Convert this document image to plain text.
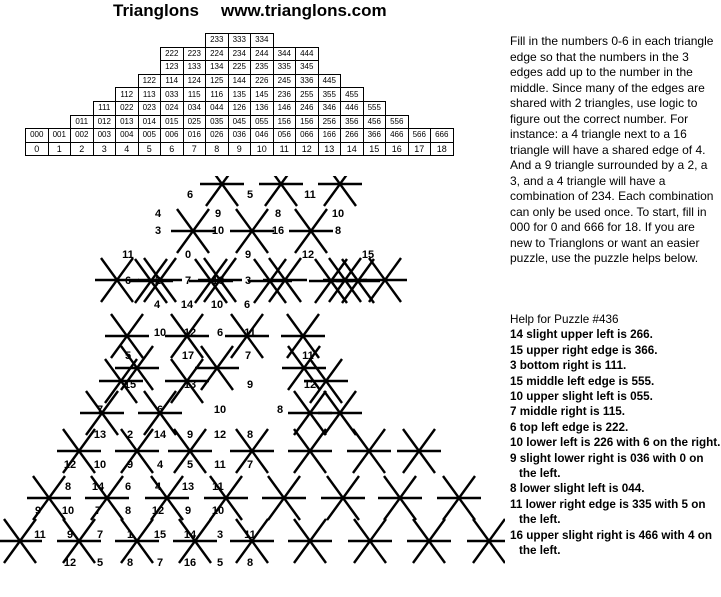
Trianglons www.trianglons.com
								233	333	334								
						222	223	224	234	244	344	444						
						123	133	134	225	235	335	345						
					122	114	124	125	144	226	245	336	445					
				112	113	033	115	116	135	145	236	255	355	455				
			111	022	023	024	034	044	126	136	146	246	346	446	555			
		011	012	013	014	015	025	035	045	055	156	156	256	356	456	556		
000	001	002	003	004	005	006	016	026	036	046	056	066	166	266	366	466	566	666
0	1	2	3	4	5	6	7	8	9	10	11	12	13	14	15	16	17	18
6	5	11
4	9	8	10
3	10	16	8
11	0	9	12	15
6 2 7 18 3
4 14 10 6
10 12 6 11
5	17	7	11
15	13	9	12
7	6	10	8
13 2 14 9 12 8
12 10 9 4 5 11 7
8 14 6 4 13 11
9 10 7 8 12 9 10
11 9 7 1 15 14 3 11
12 5 8 7 16 5 8
Fill in the numbers 0-6 in each triangle edge so that the numbers in the 3 edges add up to the number in the middle. Since many of the edges are shared with 2 triangles, use logic to figure out the correct number. For instance: a 4 triangle next to a 16 triangle will have a shared edge of 4. And a 9 triangle surrounded by a 2, a 3, and a 4 triangle will have a combination of 234. Each combination can only be used once. To start, fill in 000 for 0 and 666 for 18. If you are new to Trianglons or want an easier puzzle, use the puzzle helps below.
Help for Puzzle #436
14 slight upper left is 266.
15 upper right edge is 366.
3 bottom right is 111.
15 middle left edge is 555.
10 upper slight left is 055.
7 middle right is 115.
6 top left edge is 222.
10 lower left is 226 with 6 on the right.
9 slight lower right is 036 with 0 on the left.
8 lower slight left is 044.
11 lower right edge is 335 with 5 on the left.
16 upper slight right is 466 with 4 on the left.
